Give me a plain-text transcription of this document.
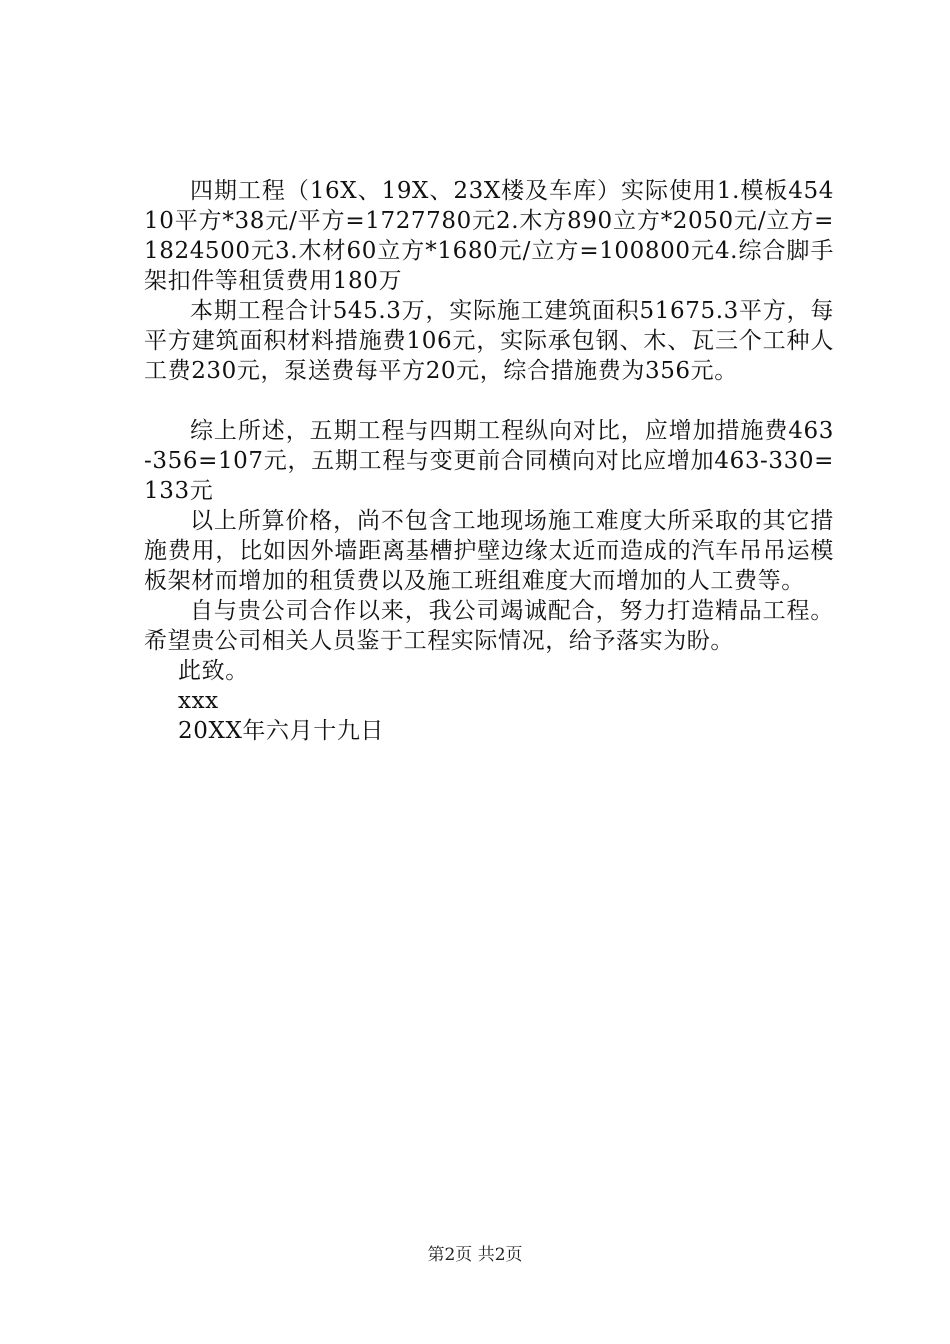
四期工程（16X、19X、23X楼及车库）实际使用1.模板45410平方*38元/平方=1727780元2.木方890立方*2050元/立方=1824500元3.木材60立方*1680元/立方=100800元4.综合脚手架扣件等租赁费用180万

本期工程合计545.3万，实际施工建筑面积51675.3平方，每平方建筑面积材料措施费106元，实际承包钢、木、瓦三个工种人工费230元，泵送费每平方20元，综合措施费为356元。

综上所述，五期工程与四期工程纵向对比，应增加措施费463-356=107元，五期工程与变更前合同横向对比应增加463-330=133元

以上所算价格，尚不包含工地现场施工难度大所采取的其它措施费用，比如因外墙距离基槽护壁边缘太近而造成的汽车吊吊运模板架材而增加的租赁费以及施工班组难度大而增加的人工费等。

自与贵公司合作以来，我公司竭诚配合，努力打造精品工程。希望贵公司相关人员鉴于工程实际情况，给予落实为盼。

此致。

xxx

20XX年六月十九日

第2页 共2页
